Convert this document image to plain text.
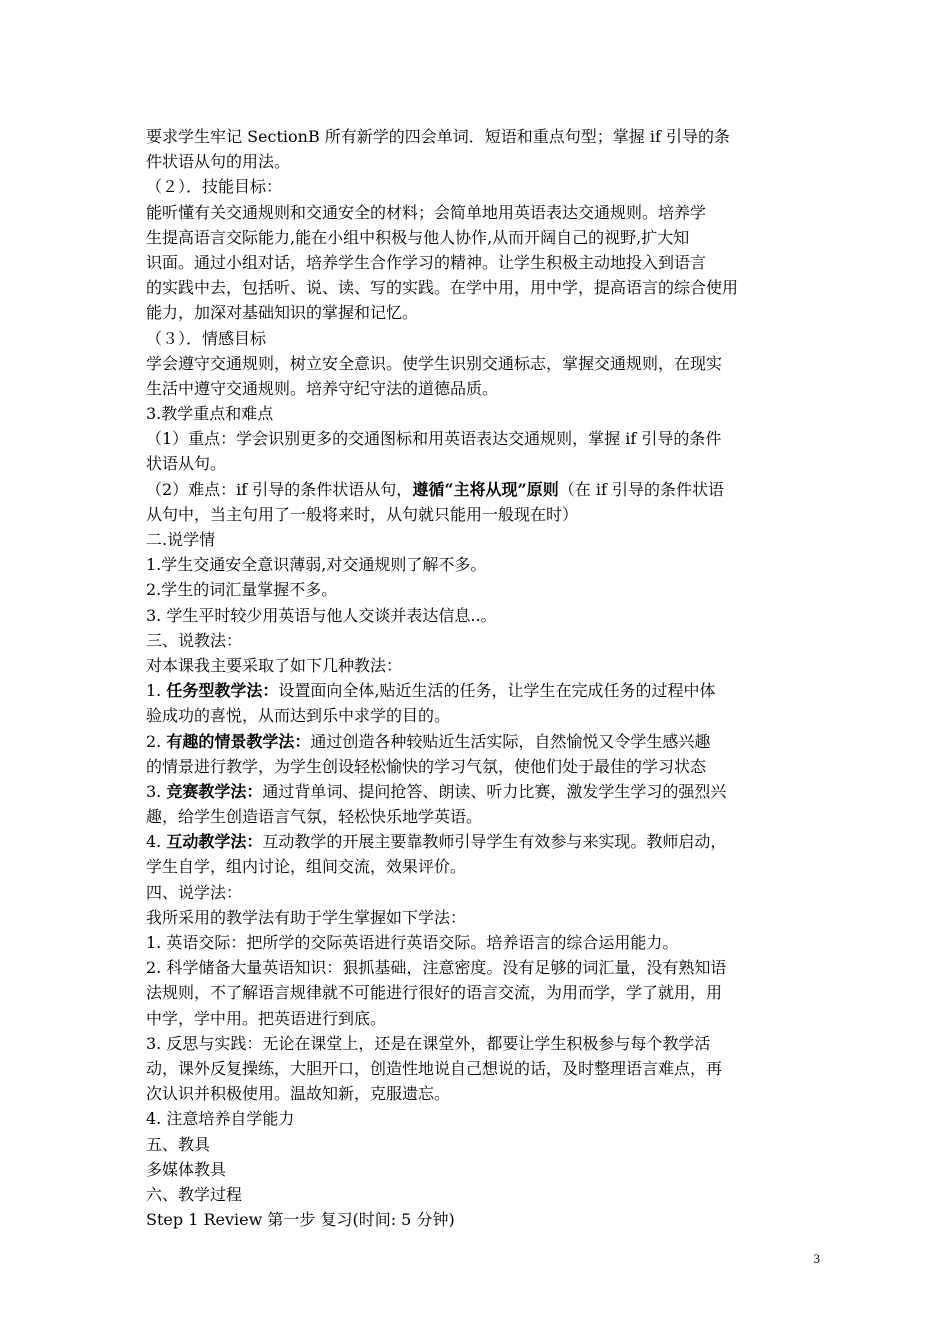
要求学生牢记 SectionB 所有新学的四会单词．短语和重点句型；掌握 if 引导的条
件状语从句的用法。
（２）．技能目标：
能听懂有关交通规则和交通安全的材料；会简单地用英语表达交通规则。培养学
生提高语言交际能力,能在小组中积极与他人协作,从而开阔自己的视野,扩大知
识面。通过小组对话，培养学生合作学习的精神。让学生积极主动地投入到语言
的实践中去，包括听、说、读、写的实践。在学中用，用中学，提高语言的综合使用
能力，加深对基础知识的掌握和记忆。
（３）．情感目标
学会遵守交通规则，树立安全意识。使学生识别交通标志，掌握交通规则，在现实
生活中遵守交通规则。培养守纪守法的道德品质。
3.教学重点和难点
（1）重点：学会识别更多的交通图标和用英语表达交通规则，掌握 if 引导的条件
状语从句。
（2）难点：if 引导的条件状语从句，遵循“主将从现”原则（在 if 引导的条件状语
从句中，当主句用了一般将来时，从句就只能用一般现在时）
二.说学情
1.学生交通安全意识薄弱,对交通规则了解不多。
2.学生的词汇量掌握不多。
3. 学生平时较少用英语与他人交谈并表达信息..。
三、说教法：
对本课我主要采取了如下几种教法：
1. 任务型教学法：设置面向全体,贴近生活的任务，让学生在完成任务的过程中体
验成功的喜悦，从而达到乐中求学的目的。
2. 有趣的情景教学法：通过创造各种较贴近生活实际，自然愉悦又令学生感兴趣
的情景进行教学，为学生创设轻松愉快的学习气氛，使他们处于最佳的学习状态
3. 竞赛教学法：通过背单词、提问抢答、朗读、听力比赛，激发学生学习的强烈兴
趣，给学生创造语言气氛，轻松快乐地学英语。
4. 互动教学法：互动教学的开展主要靠教师引导学生有效参与来实现。教师启动，
学生自学，组内讨论，组间交流，效果评价。
四、说学法：
我所采用的教学法有助于学生掌握如下学法：
1. 英语交际：把所学的交际英语进行英语交际。培养语言的综合运用能力。
2. 科学储备大量英语知识：狠抓基础，注意密度。没有足够的词汇量，没有熟知语
法规则，不了解语言规律就不可能进行很好的语言交流，为用而学，学了就用，用
中学，学中用。把英语进行到底。
3. 反思与实践：无论在课堂上，还是在课堂外，都要让学生积极参与每个教学活
动，课外反复操练，大胆开口，创造性地说自己想说的话，及时整理语言难点，再
次认识并积极使用。温故知新，克服遗忘。
4. 注意培养自学能力
五、教具
多媒体教具
六、教学过程
Step 1 Review 第一步 复习(时间: 5 分钟)
3
